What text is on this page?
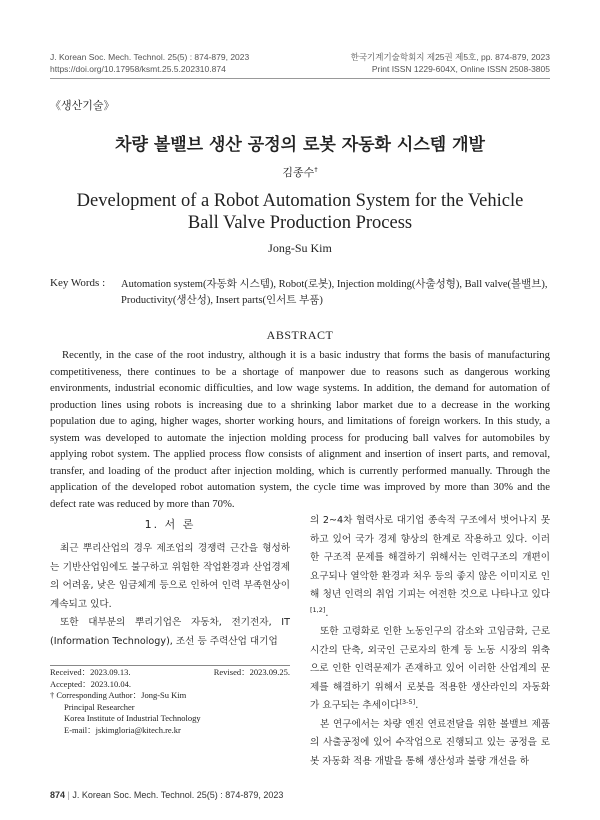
J. Korean Soc. Mech. Technol. 25(5) : 874-879, 2023
https://doi.org/10.17958/ksmt.25.5.202310.874
한국기계기술학회지 제25권 제5호, pp. 874-879, 2023
Print ISSN 1229-604X, Online ISSN 2508-3805
《생산기술》
차량 볼밸브 생산 공정의 로봇 자동화 시스템 개발
김종수†
Development of a Robot Automation System for the Vehicle
Ball Valve Production Process
Jong-Su Kim
Key Words : Automation system(자동화 시스템), Robot(로봇), Injection molding(사출성형), Ball valve(볼밸브), Productivity(생산성), Insert parts(인서트 부품)
ABSTRACT
Recently, in the case of the root industry, although it is a basic industry that forms the basis of manufacturing competitiveness, there continues to be a shortage of manpower due to reasons such as dangerous working environments, industrial economic difficulties, and low wage systems. In addition, the demand for automation of production lines using robots is increasing due to a shrinking labor market due to a decrease in the working population due to aging, higher wages, shorter working hours, and limitations of foreign workers. In this study, a system was developed to automate the injection molding process for producing ball valves for automobiles by applying robot system. The applied process flow consists of alignment and insertion of insert parts, and removal, transfer, and loading of the product after injection molding, which is currently performed manually. Through the application of the developed robot automation system, the cycle time was improved by more than 30% and the defect rate was reduced by more than 70%.
1. 서 론

최근 뿌리산업의 경우 제조업의 경쟁력 근간을 형성하는 기반산업임에도 불구하고 위험한 작업환경과 산업경제의 어려움, 낮은 임금체계 등으로 인하여 인력 부족현상이 계속되고 있다.

또한 대부분의 뿌리기업은 자동차, 전기전자, IT (Information Technology), 조선 등 주력산업 대기업

Received：2023.09.13.	Revised：2023.09.25.
Accepted：2023.10.04.
† Corresponding Author：Jong-Su Kim
Principal Researcher
Korea Institute of Industrial Technology
E-mail：jskimgloria@kitech.re.kr

의 2~4차 협력사로 대기업 종속적 구조에서 벗어나지 못하고 있어 국가 경제 향상의 한계로 작용하고 있다. 이러한 구조적 문제를 해결하기 위해서는 인력구조의 개편이 요구되나 열악한 환경과 처우 등의 좋지 않은 이미지로 인해 청년 인력의 취업 기피는 여전한 것으로 나타나고 있다[1,2].

또한 고령화로 인한 노동인구의 감소와 고임금화, 근로시간의 단축, 외국인 근로자의 한계 등 노동 시장의 위축으로 인한 인력문제가 존재하고 있어 이러한 산업계의 문제를 해결하기 위해서 로봇을 적용한 생산라인의 자동화가 요구되는 추세이다[3-5].

본 연구에서는 차량 엔진 연료전달을 위한 볼밸브 제품의 사출공정에 있어 수작업으로 진행되고 있는 공정을 로봇 자동화 적용 개발을 통해 생산성과 불량 개선을 하

874 | J. Korean Soc. Mech. Technol. 25(5) : 874-879, 2023
